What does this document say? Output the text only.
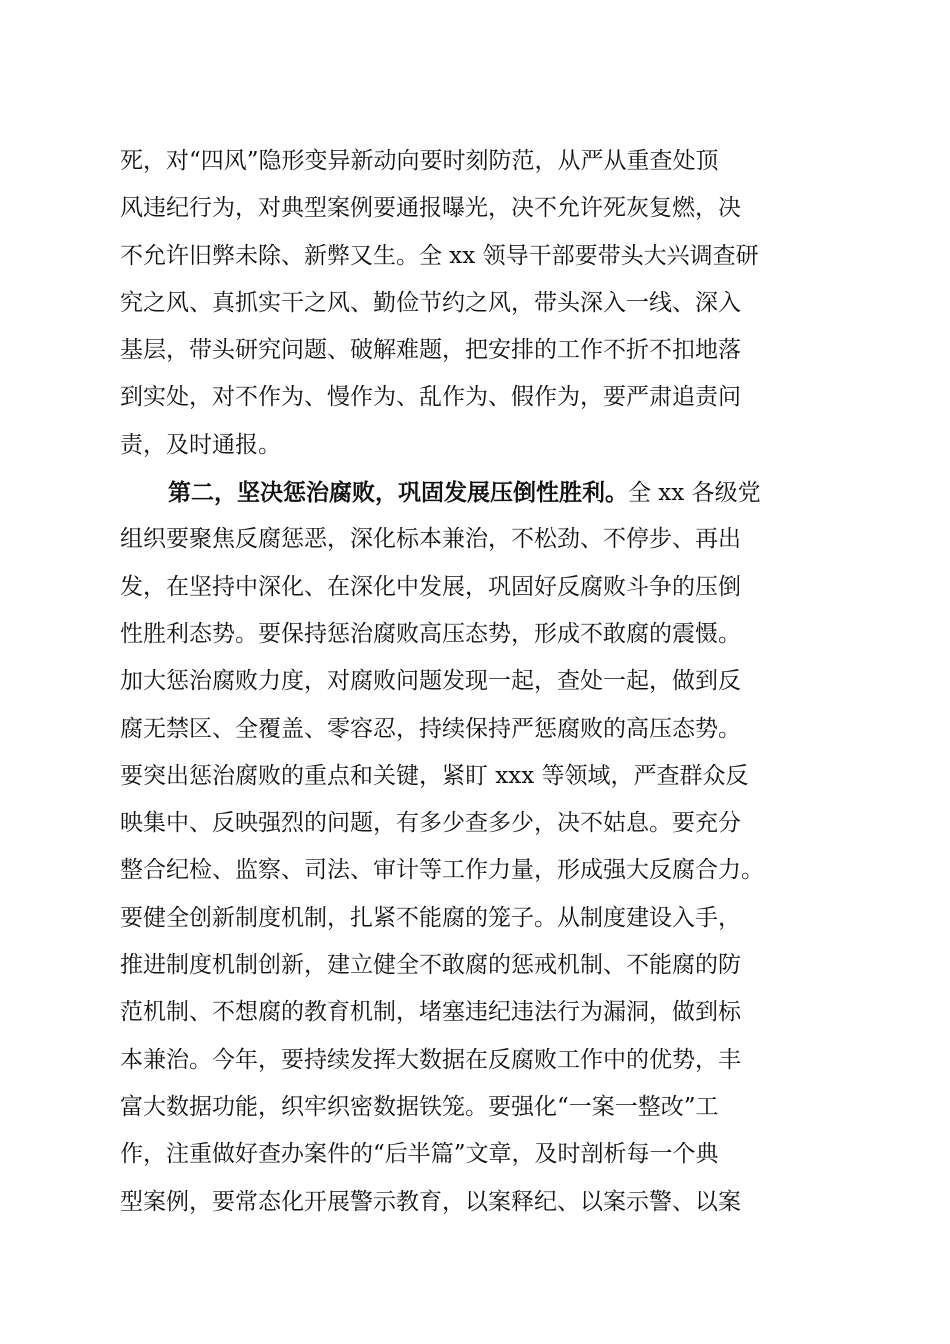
死，对“四风”隐形变异新动向要时刻防范，从严从重查处顶
风违纪行为，对典型案例要通报曝光，决不允许死灰复燃，决
不允许旧弊未除、新弊又生。全 xx 领导干部要带头大兴调查研
究之风、真抓实干之风、勤俭节约之风，带头深入一线、深入
基层，带头研究问题、破解难题，把安排的工作不折不扣地落
到实处，对不作为、慢作为、乱作为、假作为，要严肃追责问
责，及时通报。
第二，坚决惩治腐败，巩固发展压倒性胜利。全 xx 各级党
组织要聚焦反腐惩恶，深化标本兼治，不松劲、不停步、再出
发，在坚持中深化、在深化中发展，巩固好反腐败斗争的压倒
性胜利态势。要保持惩治腐败高压态势，形成不敢腐的震慑。
加大惩治腐败力度，对腐败问题发现一起，查处一起，做到反
腐无禁区、全覆盖、零容忍，持续保持严惩腐败的高压态势。
要突出惩治腐败的重点和关键，紧盯 xxx 等领域，严查群众反
映集中、反映强烈的问题，有多少查多少，决不姑息。要充分
整合纪检、监察、司法、审计等工作力量，形成强大反腐合力。
要健全创新制度机制，扎紧不能腐的笼子。从制度建设入手，
推进制度机制创新，建立健全不敢腐的惩戒机制、不能腐的防
范机制、不想腐的教育机制，堵塞违纪违法行为漏洞，做到标
本兼治。今年，要持续发挥大数据在反腐败工作中的优势，丰
富大数据功能，织牢织密数据铁笼。要强化“一案一整改”工
作，注重做好查办案件的“后半篇”文章，及时剖析每一个典
型案例，要常态化开展警示教育，以案释纪、以案示警、以案
